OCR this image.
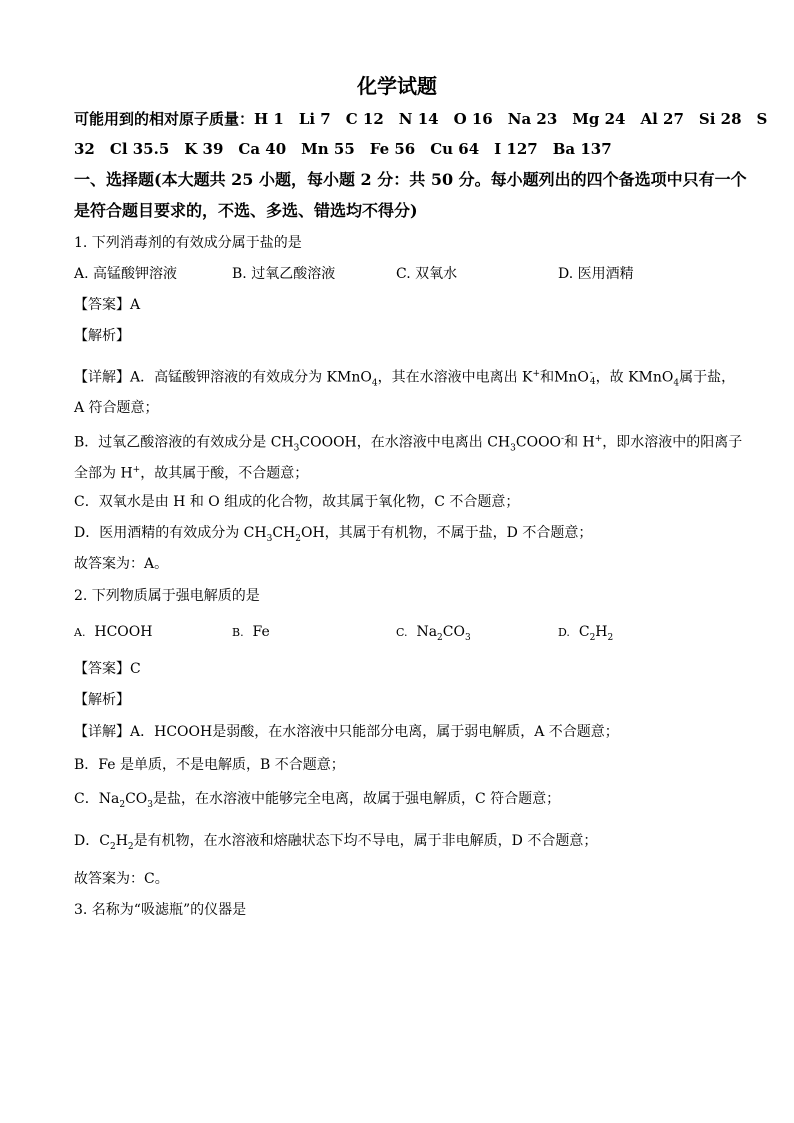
化学试题
可能用到的相对原子质量：H 1　Li 7　C 12　N 14　O 16　Na 23　Mg 24　Al 27　Si 28　S
32　Cl 35.5　K 39　Ca 40　Mn 55　Fe 56　Cu 64　I 127　Ba 137
一、选择题(本大题共 25 小题，每小题 2 分：共 50 分。每小题列出的四个备选项中只有一个
是符合题目要求的，不选、多选、错选均不得分)
1. 下列消毒剂的有效成分属于盐的是
A. 高锰酸钾溶液	B. 过氧乙酸溶液	C. 双氧水	D. 医用酒精
【答案】A
【解析】
【详解】A．高锰酸钾溶液的有效成分为 KMnO$_4$，其在水溶液中电离出 K+和MnO -
4 ，故 KMnO$_4$属于盐，
A 符合题意；
B．过氧乙酸溶液的有效成分是 $CH_3COOOH$，在水溶液中电离出 $CH_3COOO^-$和 H+，即水溶液中的阳离子
全部为 H+，故其属于酸，不合题意；
C．双氧水是由 H 和 O 组成的化合物，故其属于氧化物，C 不合题意；
D．医用酒精的有效成分为 $CH_3CH_2OH$，其属于有机物，不属于盐，D 不合题意；
故答案为：A。
2. 下列物质属于强电解质的是
A. HCOOH	B. Fe	C. $Na_2CO_3$	D. $C_2H_2$
【答案】C
【解析】
【详解】A．HCOOH是弱酸，在水溶液中只能部分电离，属于弱电解质，A 不合题意；
B．Fe 是单质，不是电解质，B 不合题意；
C．$Na_2CO_3$是盐，在水溶液中能够完全电离，故属于强电解质，C 符合题意；
D．$C_2H_2$是有机物，在水溶液和熔融状态下均不导电，属于非电解质，D 不合题意；
故答案为：C。
3. 名称为“吸滤瓶”的仪器是
